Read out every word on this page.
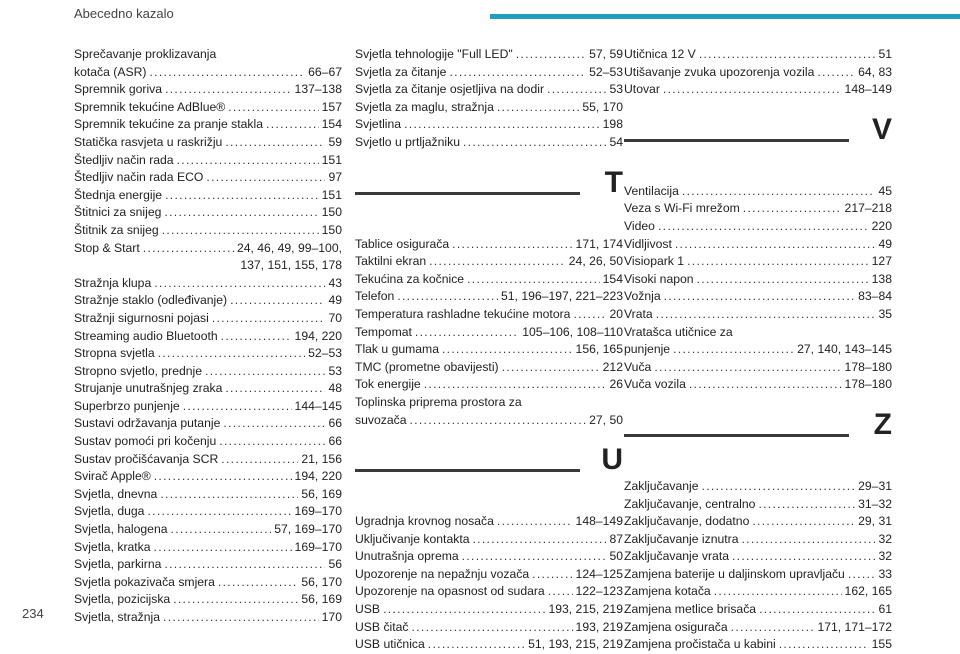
Abecedno kazalo
Sprečavanje proklizavanja
kotača (ASR) .....	66–67
Spremnik goriva .....	137–138
Spremnik tekućine AdBlue® .....	157
Spremnik tekućine za pranje stakla .....	154
Statička rasvjeta u raskrižju .....	59
Štedljiv način rada .....	151
Štedljiv način rada ECO .....	97
Štednja energije .....	151
Štitnici za snijeg .....	150
Štitnik za snijeg .....	150
Stop & Start .....	24, 46, 49, 99–100,
137, 151, 155, 178
Stražnja klupa .....	43
Stražnje staklo (odleđivanje) .....	49
Stražnji sigurnosni pojasi .....	70
Streaming audio Bluetooth .....	194, 220
Stropna svjetla .....	52–53
Stropno svjetlo, prednje .....	53
Strujanje unutrašnjeg zraka .....	48
Superbrzo punjenje .....	144–145
Sustavi održavanja putanje .....	66
Sustav pomoći pri kočenju .....	66
Sustav pročišćavanja SCR .....	21, 156
Svirač Apple® .....	194, 220
Svjetla, dnevna .....	56, 169
Svjetla, duga .....	169–170
Svjetla, halogena .....	57, 169–170
Svjetla, kratka .....	169–170
Svjetla, parkirna .....	56
Svjetla pokazivača smjera .....	56, 170
Svjetla, pozicijska .....	56, 169
Svjetla, stražnja .....	170
Svjetla tehnologije "Full LED" .....	57, 59
Svjetla za čitanje .....	52–53
Svjetla za čitanje osjetljiva na dodir .....	53
Svjetla za maglu, stražnja .....	55, 170
Svjetlina .....	198
Svjetlo u prtljažniku .....	54
T
Tablice osigurača .....	171, 174
Taktilni ekran .....	24, 26, 50
Tekućina za kočnice .....	154
Telefon .....	51, 196–197, 221–223
Temperatura rashladne tekućine motora .....	20
Tempomat .....	105–106, 108–110
Tlak u gumama .....	156, 165
TMC (prometne obavijesti) .....	212
Tok energije .....	26
Toplinska priprema prostora za
suvozača .....	27, 50
U
Ugradnja krovnog nosača .....	148–149
Uključivanje kontakta .....	87
Unutrašnja oprema .....	50
Upozorenje na nepažnju vozača .....	124–125
Upozorenje na opasnost od sudara .....	122–123
USB .....	193, 215, 219
USB čitač .....	193, 219
USB utičnica .....	51, 193, 215, 219
Utičnica 12 V .....	51
Utišavanje zvuka upozorenja vozila .....	64, 83
Utovar .....	148–149
V
Ventilacija .....	45
Veza s Wi-Fi mrežom .....	217–218
Video .....	220
Vidljivost .....	49
Visiopark 1 .....	127
Visoki napon .....	138
Vožnja .....	83–84
Vrata .....	35
Vratašca utičnice za
punjenje .....	27, 140, 143–145
Vuča .....	178–180
Vuča vozila .....	178–180
Z
Zaključavanje .....	29–31
Zaključavanje, centralno .....	31–32
Zaključavanje, dodatno .....	29, 31
Zaključavanje iznutra .....	32
Zaključavanje vrata .....	32
Zamjena baterije u daljinskom upravljaču .....	33
Zamjena kotača .....	162, 165
Zamjena metlice brisača .....	61
Zamjena osigurača .....	171, 171–172
Zamjena pročistača u kabini .....	155
234
